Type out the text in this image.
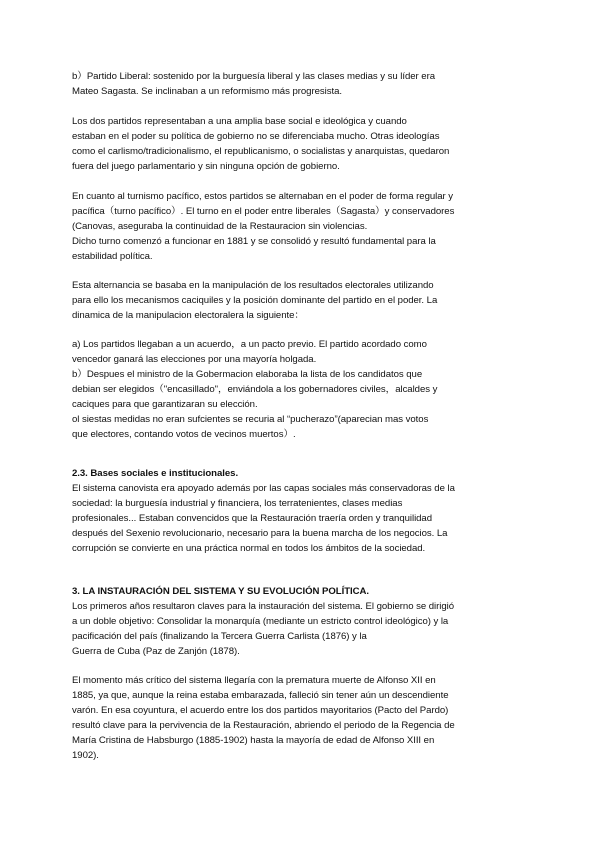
b）Partido Liberal: sostenido por la burguesía liberal y las clases medias y su líder era

Mateo Sagasta. Se inclinaban a un reformismo más progresista.

Los dos partidos representaban a una amplia base social e ideológica y cuando

estaban en el poder su política de gobierno no se diferenciaba mucho. Otras ideologías

como el carlismo/tradicionalismo, el republicanismo, o socialistas y anarquistas, quedaron

fuera del juego parlamentario y sin ninguna opción de gobierno.

En cuanto al turnismo pacífico, estos partidos se alternaban en el poder de forma regular y

pacífica（turno pacífico）. El turno en el poder entre liberales（Sagasta）y conservadores

(Canovas, aseguraba la continuidad de la Restauracion sin violencias.

Dicho turno comenzó a funcionar en 1881 y se consolidó y resultó fundamental para la

estabilidad política.

Esta alternancia se basaba en la manipulación de los resultados electorales utilizando

para ello los mecanismos caciquiles y la posición dominante del partido en el poder. La

dinamica de la manipulacion electoralera la siguiente：

a) Los partidos llegaban a un acuerdo，a un pacto previo. El partido acordado como

vencedor ganará las elecciones por una mayoría holgada.

b）Despues el ministro de la Gobermacion elaboraba la lista de los candidatos que

debian ser elegidos（"encasillado"，enviándola a los gobernadores civiles，alcaldes y

caciques para que garantizaran su elección.

ol siestas medidas no eran sufcientes se recuria al “pucherazo”(aparecian mas votos

que electores, contando votos de vecinos muertos）.

2.3. Bases sociales e institucionales.

El sistema canovista era apoyado además por las capas sociales más conservadoras de la

sociedad: la burguesía industrial y financiera, los terratenientes, clases medias

profesionales... Estaban convencidos que la Restauración traería orden y tranquilidad

después del Sexenio revolucionario, necesario para la buena marcha de los negocios. La

corrupción se convierte en una práctica normal en todos los ámbitos de la sociedad.

3. LA INSTAURACIÓN DEL SISTEMA Y SU EVOLUCIÓN POLÍTICA.

Los primeros años resultaron claves para la instauración del sistema. El gobierno se dirigió

a un doble objetivo: Consolidar la monarquía (mediante un estricto control ideológico) y la

pacificación del país (finalizando la Tercera Guerra Carlista (1876) y la

Guerra de Cuba (Paz de Zanjón (1878).

El momento más crítico del sistema llegaría con la prematura muerte de Alfonso XII en

1885, ya que, aunque la reina estaba embarazada, falleció sin tener aún un descendiente

varón. En esa coyuntura, el acuerdo entre los dos partidos mayoritarios (Pacto del Pardo)

resultó clave para la pervivencia de la Restauración, abriendo el periodo de la Regencia de

María Cristina de Habsburgo (1885-1902) hasta la mayoría de edad de Alfonso XIII en

1902).
